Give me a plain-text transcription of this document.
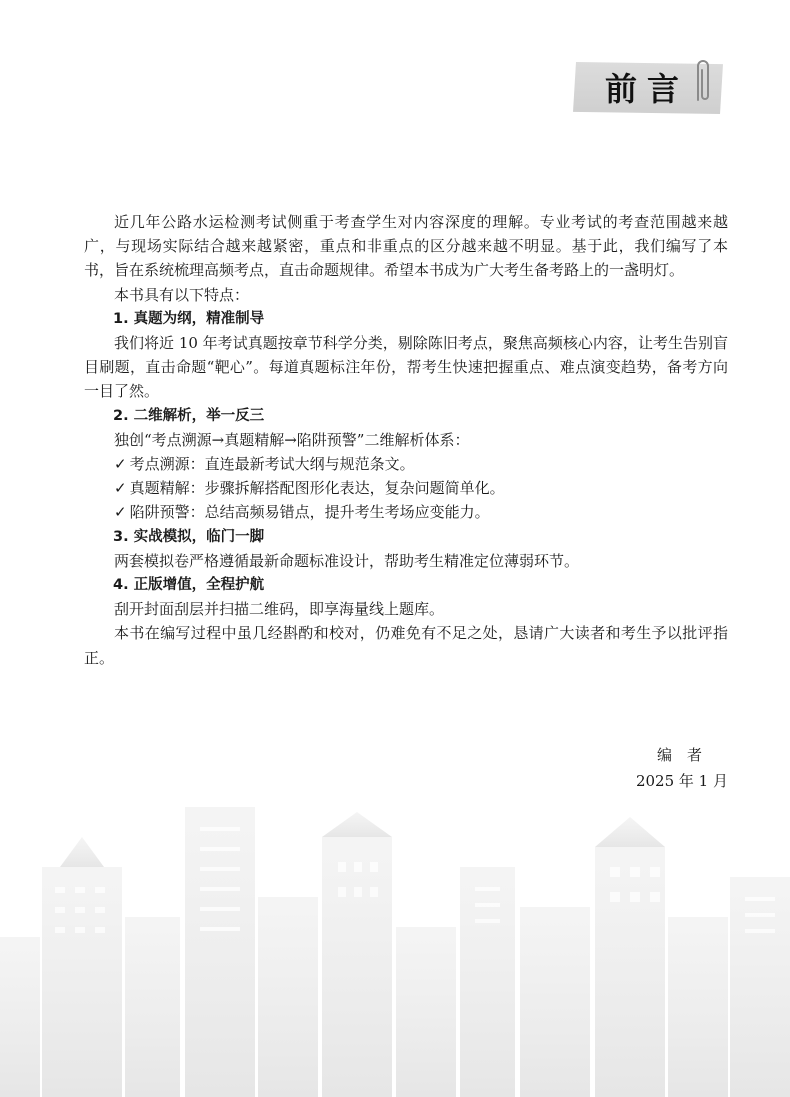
前言

近几年公路水运检测考试侧重于考查学生对内容深度的理解。专业考试的考查范围越来越广，与现场实际结合越来越紧密，重点和非重点的区分越来越不明显。基于此，我们编写了本书，旨在系统梳理高频考点，直击命题规律。希望本书成为广大考生备考路上的一盏明灯。

本书具有以下特点：

1. 真题为纲，精准制导

我们将近 10 年考试真题按章节科学分类，剔除陈旧考点，聚焦高频核心内容，让考生告别盲目刷题，直击命题“靶心”。每道真题标注年份，帮考生快速把握重点、难点演变趋势，备考方向一目了然。

2. 二维解析，举一反三

独创“考点溯源→真题精解→陷阱预警”二维解析体系：

✓ 考点溯源：直连最新考试大纲与规范条文。

✓ 真题精解：步骤拆解搭配图形化表达，复杂问题简单化。

✓ 陷阱预警：总结高频易错点，提升考生考场应变能力。

3. 实战模拟，临门一脚

两套模拟卷严格遵循最新命题标准设计，帮助考生精准定位薄弱环节。

4. 正版增值，全程护航

刮开封面刮层并扫描二维码，即享海量线上题库。

本书在编写过程中虽几经斟酌和校对，仍难免有不足之处，恳请广大读者和考生予以批评指正。

编　者
2025 年 1 月
